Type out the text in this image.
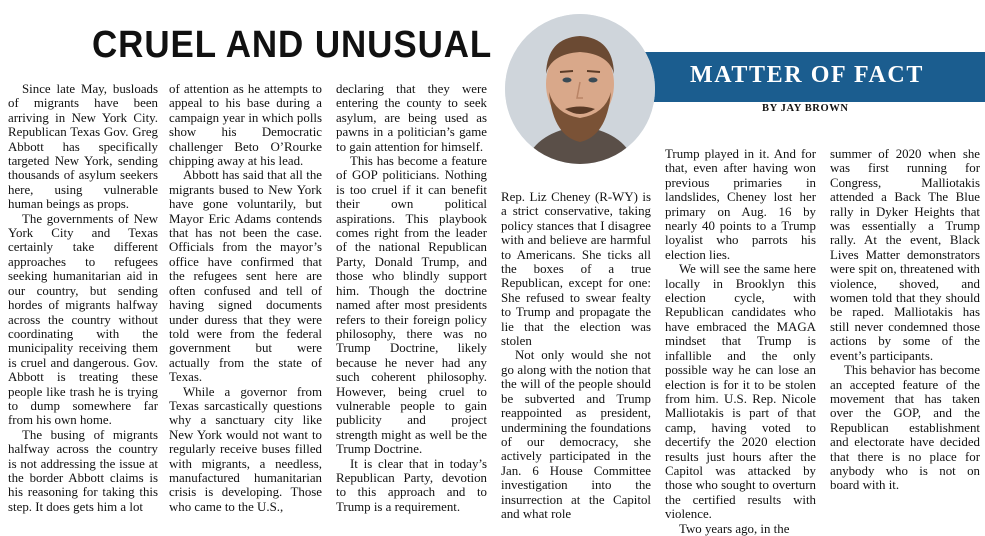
CRUEL AND UNUSUAL
MATTER OF FACT
BY JAY BROWN

Since late May, busloads of migrants have been arriving in New York City. Republican Texas Gov. Greg Abbott has specifically targeted New York, sending thousands of asylum seekers here, using vulnerable human beings as props.

The governments of New York City and Texas certainly take different approaches to refugees seeking humanitarian aid in our country, but sending hordes of migrants halfway across the country without coordinating with the municipality receiving them is cruel and dangerous. Gov. Abbott is treating these people like trash he is trying to dump somewhere far from his own home.

The busing of migrants halfway across the country is not addressing the issue at the border Abbott claims is his reasoning for taking this step. It does gets him a lot

of attention as he attempts to appeal to his base during a campaign year in which polls show his Democratic challenger Beto O’Rourke chipping away at his lead.

Abbott has said that all the migrants bused to New York have gone voluntarily, but Mayor Eric Adams contends that has not been the case. Officials from the mayor’s office have confirmed that the refugees sent here are often confused and tell of having signed documents under duress that they were told were from the federal government but were actually from the state of Texas.

While a governor from Texas sarcastically questions why a sanctuary city like New York would not want to regularly receive buses filled with migrants, a needless, manufactured humanitarian crisis is developing. Those who came to the U.S.,

declaring that they were entering the county to seek asylum, are being used as pawns in a politician’s game to gain attention for himself.

This has become a feature of GOP politicians. Nothing is too cruel if it can benefit their own political aspirations. This playbook comes right from the leader of the national Republican Party, Donald Trump, and those who blindly support him. Though the doctrine named after most presidents refers to their foreign policy philosophy, there was no Trump Doctrine, likely because he never had any such coherent philosophy. However, being cruel to vulnerable people to gain publicity and project strength might as well be the Trump Doctrine.

It is clear that in today’s Republican Party, devotion to this approach and to Trump is a requirement.

Rep. Liz Cheney (R-WY) is a strict conservative, taking policy stances that I disagree with and believe are harmful to Americans. She ticks all the boxes of a true Republican, except for one: She refused to swear fealty to Trump and propagate the lie that the election was stolen

Not only would she not go along with the notion that the will of the people should be subverted and Trump reappointed as president, undermining the foundations of our democracy, she actively participated in the Jan. 6 House Committee investigation into the insurrection at the Capitol and what role

Trump played in it. And for that, even after having won previous primaries in landslides, Cheney lost her primary on Aug. 16 by nearly 40 points to a Trump loyalist who parrots his election lies.

We will see the same here locally in Brooklyn this election cycle, with Republican candidates who have embraced the MAGA mindset that Trump is infallible and the only possible way he can lose an election is for it to be stolen from him. U.S. Rep. Nicole Malliotakis is part of that camp, having voted to decertify the 2020 election results just hours after the Capitol was attacked by those who sought to overturn the certified results with violence.

Two years ago, in the

summer of 2020 when she was first running for Congress, Malliotakis attended a Back The Blue rally in Dyker Heights that was essentially a Trump rally. At the event, Black Lives Matter demonstrators were spit on, threatened with violence, shoved, and women told that they should be raped. Malliotakis has still never condemned those actions by some of the event’s participants.

This behavior has become an accepted feature of the movement that has taken over the GOP, and the Republican establishment and electorate have decided that there is no place for anybody who is not on board with it.
